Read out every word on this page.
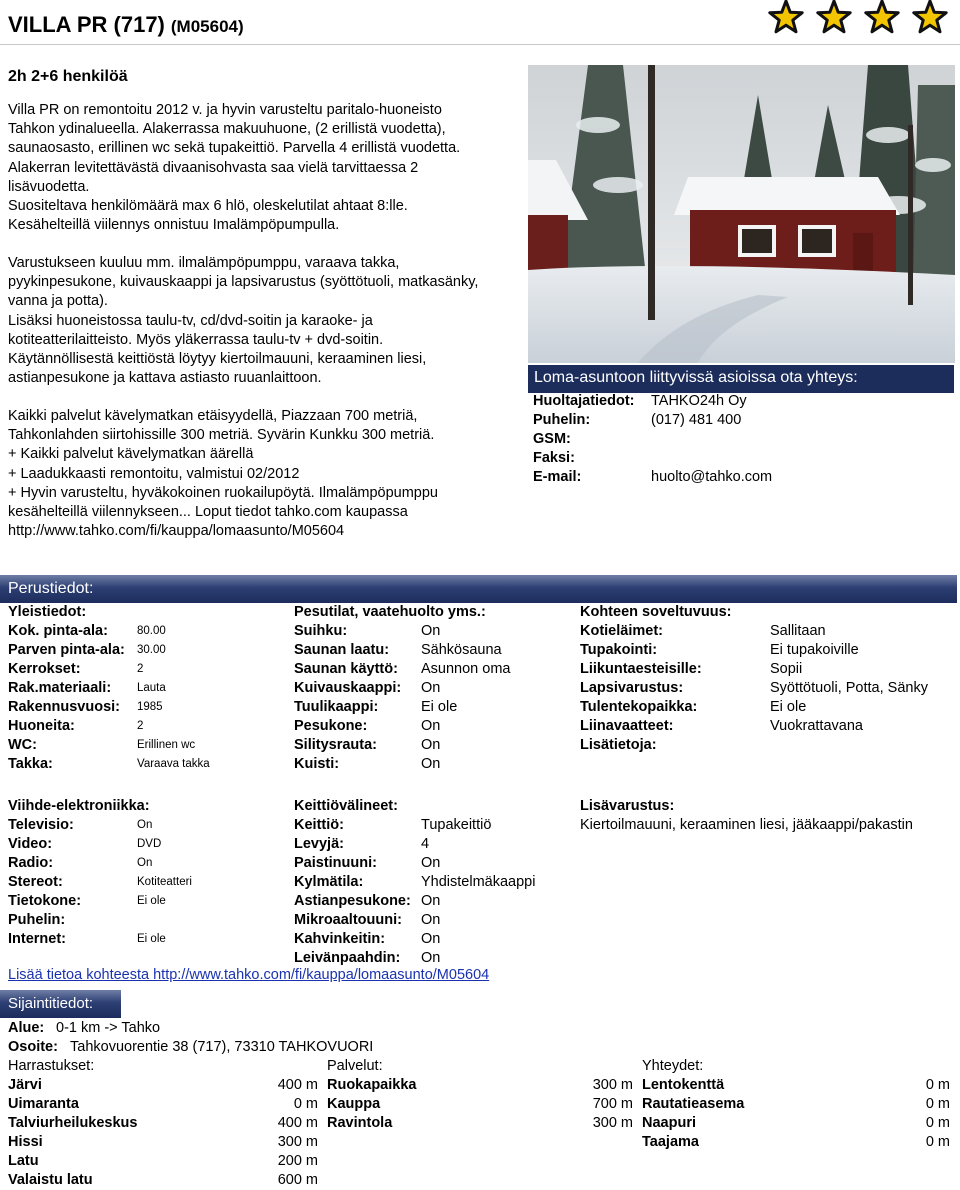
VILLA PR (717) (M05604)
2h 2+6 henkilöä

Villa PR on remontoitu 2012 v. ja hyvin varusteltu paritalo-huoneisto

Tahkon ydinalueella. Alakerrassa makuuhuone, (2 erillistä vuodetta),

saunaosasto, erillinen wc sekä tupakeittiö. Parvella 4 erillistä vuodetta.

Alakerran levitettävästä divaanisohvasta saa vielä tarvittaessa 2

lisävuodetta.

Suositeltava henkilömäärä max 6 hlö, oleskelutilat ahtaat 8:lle.

Kesähelteillä viilennys onnistuu Imalämpöpumpulla.

Varustukseen kuuluu mm. ilmalämpöpumppu, varaava takka,

pyykinpesukone, kuivauskaappi ja lapsivarustus (syöttötuoli, matkasänky,

vanna ja potta).

Lisäksi huoneistossa taulu-tv, cd/dvd-soitin ja karaoke- ja

kotiteatterilaitteisto. Myös yläkerrassa taulu-tv + dvd-soitin.

Käytännöllisestä keittiöstä löytyy kiertoilmauuni, keraaminen liesi,

astianpesukone ja kattava astiasto ruuanlaittoon.

Kaikki palvelut kävelymatkan etäisyydellä, Piazzaan 700 metriä,

Tahkonlahden siirtohissille 300 metriä. Syvärin Kunkku 300 metriä.

+ Kaikki palvelut kävelymatkan äärellä

+ Laadukkaasti remontoitu, valmistui 02/2012

+ Hyvin varusteltu, hyväkokoinen ruokailupöytä. Ilmalämpöpumppu

kesähelteillä viilennykseen... Loput tiedot tahko.com kaupassa

http://www.tahko.com/fi/kauppa/lomaasunto/M05604

Loma-asuntoon liittyvissä asioissa ota yhteys:
Huoltajatiedot: TAHKO24h Oy
Puhelin:	(017) 481 400
GSM:
Faksi:
E-mail:	huolto@tahko.com
Perustiedot:
Yleistiedot:
Kok. pinta-ala:	80.00
Parven pinta-ala: 30.00
Kerrokset:	2
Rak.materiaali: Lauta
Rakennusvuosi: 1985
Huoneita:	2
WC:	Erillinen wc
Takka:	Varaava takka
Pesutilat, vaatehuolto yms.:
Suihku:	On
Saunan laatu: Sähkösauna
Saunan käyttö: Asunnon oma
Kuivauskaappi: On
Tuulikaappi:	Ei ole
Pesukone:	On
Silitysrauta:	On
Kuisti:	On
Kohteen soveltuvuus:
Kotieläimet:	Sallitaan
Tupakointi:	Ei tupakoiville
Liikuntaesteisille:	Sopii
Lapsivarustus:	Syöttötuoli, Potta, Sänky
Tulentekopaikka:	Ei ole
Liinavaatteet:	Vuokrattavana
Lisätietoja:
Viihde-elektroniikka:
Televisio:	On
Video:	DVD
Radio:	On
Stereot:	Kotiteatteri
Tietokone:	Ei ole
Puhelin:
Internet:	Ei ole
Keittiövälineet:
Keittiö:	Tupakeittiö
Levyjä:	4
Paistinuuni:	On
Kylmätila:	Yhdistelmäkaappi
Astianpesukone: On
Mikroaaltouuni: On
Kahvinkeitin: On
Leivänpaahdin: On
Lisävarustus:
Kiertoilmauuni, keraaminen liesi, jääkaappi/pakastin
Lisää tietoa kohteesta http://www.tahko.com/fi/kauppa/lomaasunto/M05604
Sijaintitiedot:
Alue: 0-1 km -> Tahko
Osoite: Tahkovuorentie 38 (717), 73310 TAHKOVUORI
Harrastukset:
Järvi	400 m
Uimaranta	0 m
Talviurheilukeskus	400 m
Hissi	300 m
Latu	200 m
Valaistu latu	600 m
Palvelut:
Ruokapaikka	300 m
Kauppa	700 m
Ravintola	300 m
Yhteydet:
Lentokenttä	0 m
Rautatieasema	0 m
Naapuri	0 m
Taajama	0 m
